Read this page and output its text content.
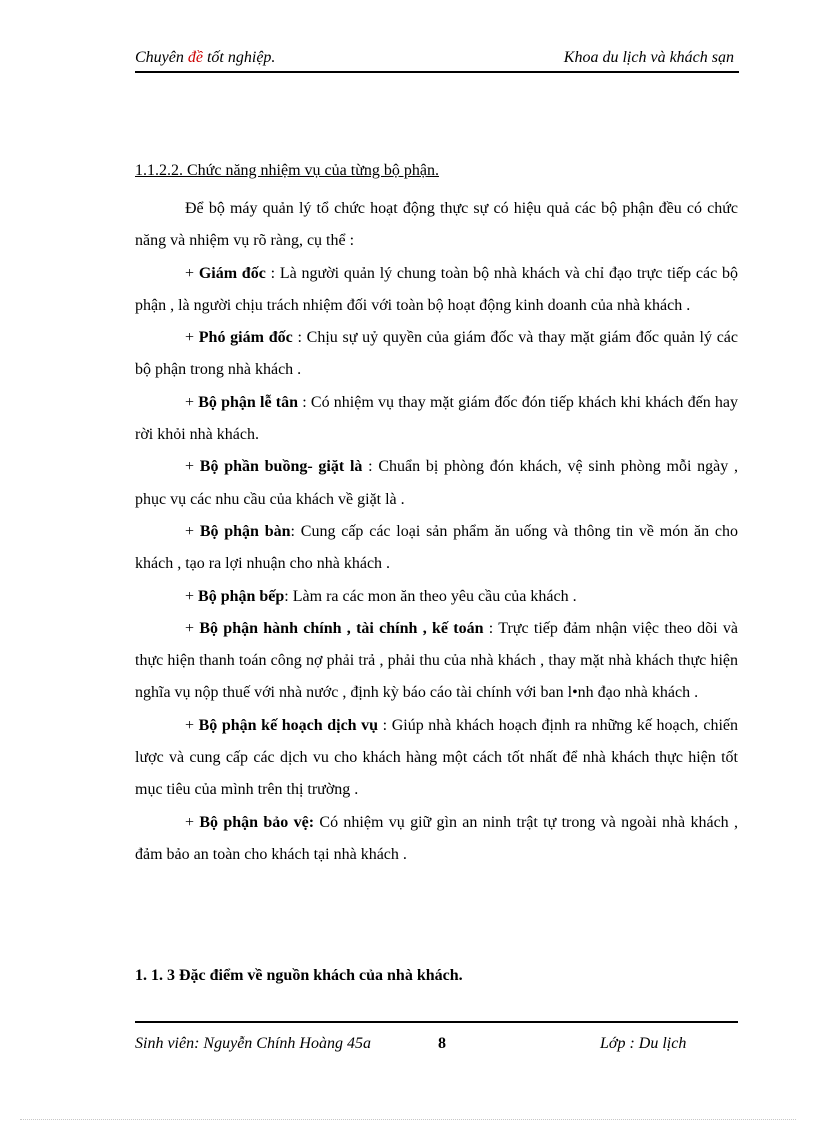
Chuyên đề tốt nghiệp.	Khoa du lịch và khách sạn

1.1.2.2. Chức năng nhiệm vụ của từng bộ phận.

Để bộ máy quản lý tổ chức hoạt động thực sự có hiệu quả các bộ phận đều có chức năng và nhiệm vụ rõ ràng, cụ thể :

+ Giám đốc : Là người quản lý chung toàn bộ nhà khách và chỉ đạo trực tiếp các bộ phận , là người chịu trách nhiệm đối với toàn bộ hoạt động kinh doanh của nhà khách .

+ Phó giám đốc : Chịu sự uỷ quyền của giám đốc và thay mặt giám đốc quản lý các bộ phận trong nhà khách .

+ Bộ phận lễ tân : Có nhiệm vụ thay mặt giám đốc đón tiếp khách khi khách đến hay rời khỏi nhà khách.

+ Bộ phần buồng- giặt là : Chuẩn bị phòng đón khách, vệ sinh phòng mỗi ngày , phục vụ các nhu cầu của khách về giặt là .

+ Bộ phận bàn: Cung cấp các loại sản phẩm ăn uống và thông tin về món ăn cho khách , tạo ra lợi nhuận cho nhà khách .

+ Bộ phận bếp: Làm ra các mon ăn theo yêu cầu của khách .

+ Bộ phận hành chính , tài chính , kế toán : Trực tiếp đảm nhận việc theo dõi và thực hiện thanh toán công nợ phải trả , phải thu của nhà khách , thay mặt nhà khách thực hiện nghĩa vụ nộp thuế với nhà nước , định kỳ báo cáo tài chính với ban l•nh đạo nhà khách .

+ Bộ phận kế hoạch dịch vụ : Giúp nhà khách hoạch định ra những kế hoạch, chiến lược và cung cấp các dịch vu cho khách hàng một cách tốt nhất để nhà khách thực hiện tốt mục tiêu của mình trên thị trường .

+ Bộ phận bảo vệ: Có nhiệm vụ giữ gìn an ninh trật tự trong và ngoài nhà khách , đảm bảo an toàn cho khách tại nhà khách .

1. 1. 3 Đặc điểm về nguồn khách của nhà khách.

Sinh viên: Nguyễn Chính Hoàng 45a	8	Lớp : Du lịch
